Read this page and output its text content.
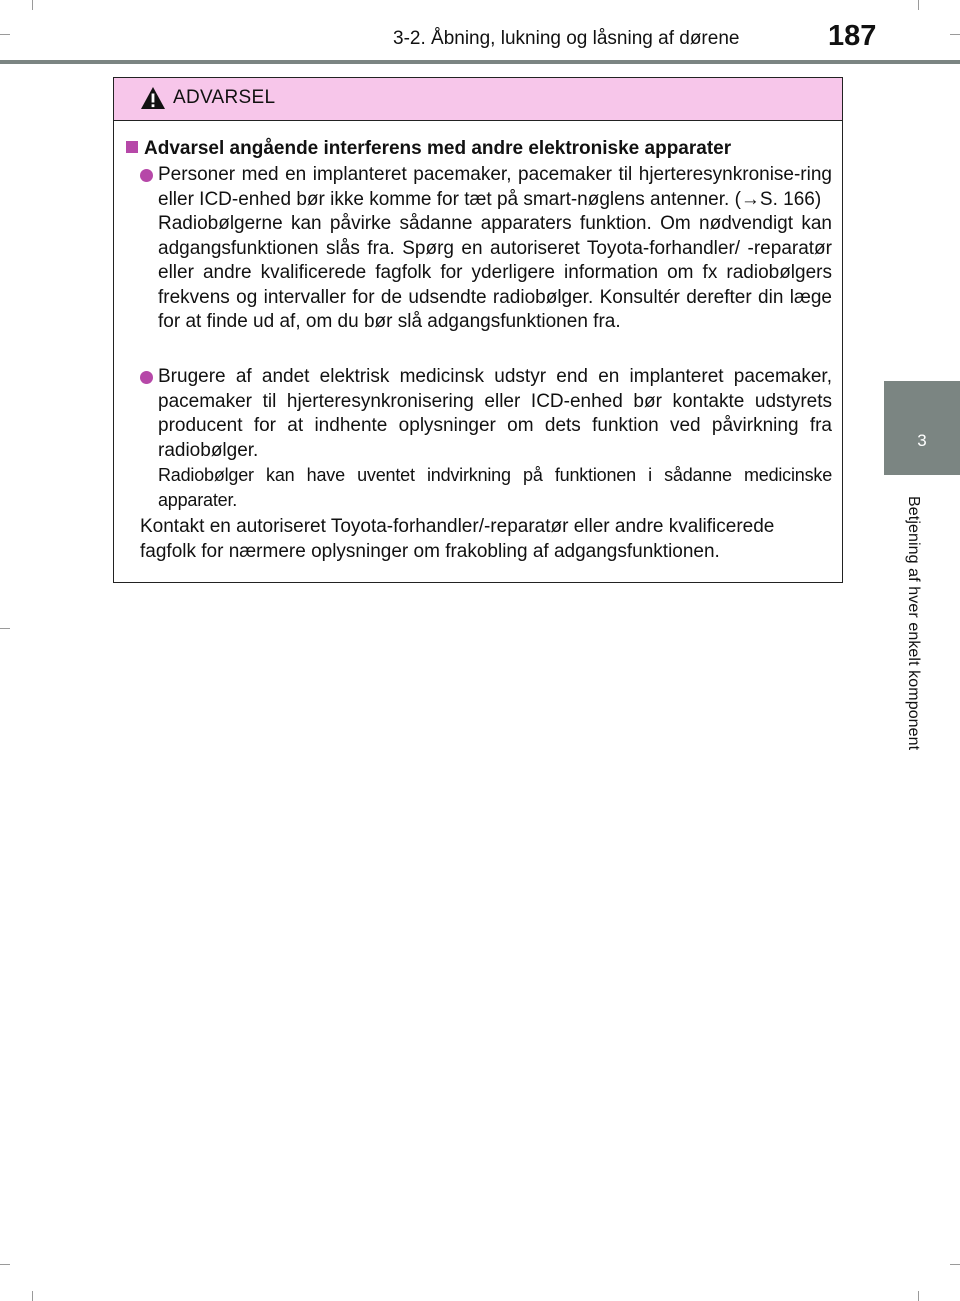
3-2. Åbning, lukning og låsning af dørene	187
3
Betjening af hver enkelt komponent
ADVARSEL
Advarsel angående interferens med andre elektroniske apparater

Personer med en implanteret pacemaker, pacemaker til hjerteresynkronise-ring eller ICD-enhed bør ikke komme for tæt på smart-nøglens antenner. (→S. 166)

Radiobølgerne kan påvirke sådanne apparaters funktion. Om nødvendigt kan adgangsfunktionen slås fra. Spørg en autoriseret Toyota-forhandler/ -reparatør eller andre kvalificerede fagfolk for yderligere information om fx radiobølgers frekvens og intervaller for de udsendte radiobølger. Konsultér derefter din læge for at finde ud af, om du bør slå adgangsfunktionen fra.

Brugere af andet elektrisk medicinsk udstyr end en implanteret pacemaker, pacemaker til hjerteresynkronisering eller ICD-enhed bør kontakte udstyrets producent for at indhente oplysninger om dets funktion ved påvirkning fra radiobølger.

Radiobølger kan have uventet indvirkning på funktionen i sådanne medicinske apparater.

Kontakt en autoriseret Toyota-forhandler/-reparatør eller andre kvalificerede fagfolk for nærmere oplysninger om frakobling af adgangsfunktionen.
